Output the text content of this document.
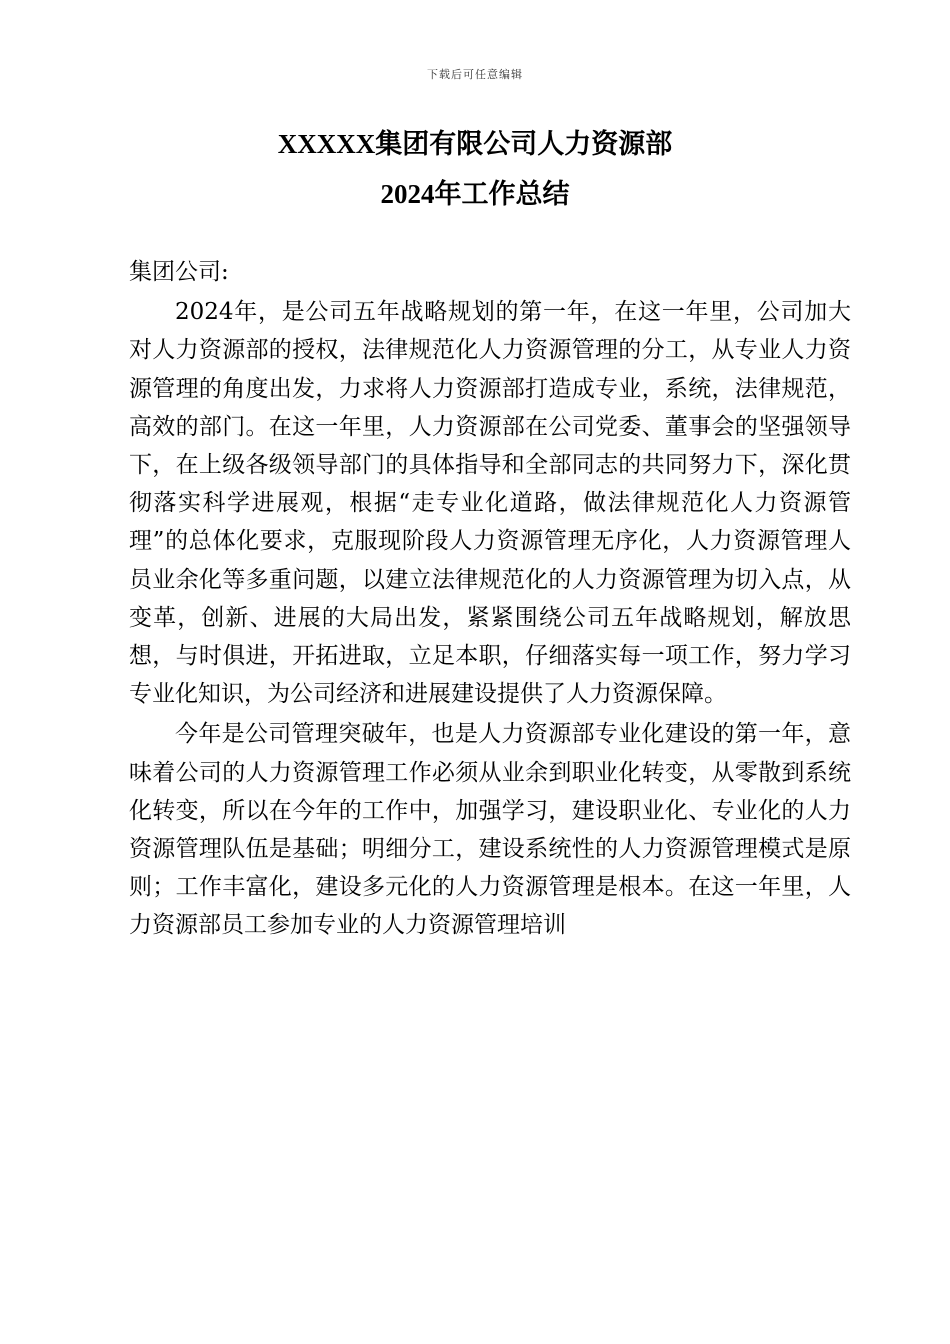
下载后可任意编辑
XXXXX集团有限公司人力资源部
2024年工作总结

集团公司:

2024年，是公司五年战略规划的第一年，在这一年里，公司加大对人力资源部的授权，法律规范化人力资源管理的分工，从专业人力资源管理的角度出发，力求将人力资源部打造成专业，系统，法律规范，高效的部门。在这一年里，人力资源部在公司党委、董事会的坚强领导下，在上级各级领导部门的具体指导和全部同志的共同努力下，深化贯彻落实科学进展观，根据“走专业化道路，做法律规范化人力资源管理”的总体化要求，克服现阶段人力资源管理无序化，人力资源管理人员业余化等多重问题，以建立法律规范化的人力资源管理为切入点，从变革，创新、进展的大局出发，紧紧围绕公司五年战略规划，解放思想，与时俱进，开拓进取，立足本职，仔细落实每一项工作，努力学习专业化知识，为公司经济和进展建设提供了人力资源保障。

今年是公司管理突破年，也是人力资源部专业化建设的第一年，意味着公司的人力资源管理工作必须从业余到职业化转变，从零散到系统化转变，所以在今年的工作中，加强学习，建设职业化、专业化的人力资源管理队伍是基础；明细分工，建设系统性的人力资源管理模式是原则；工作丰富化，建设多元化的人力资源管理是根本。在这一年里，人力资源部员工参加专业的人力资源管理培训
